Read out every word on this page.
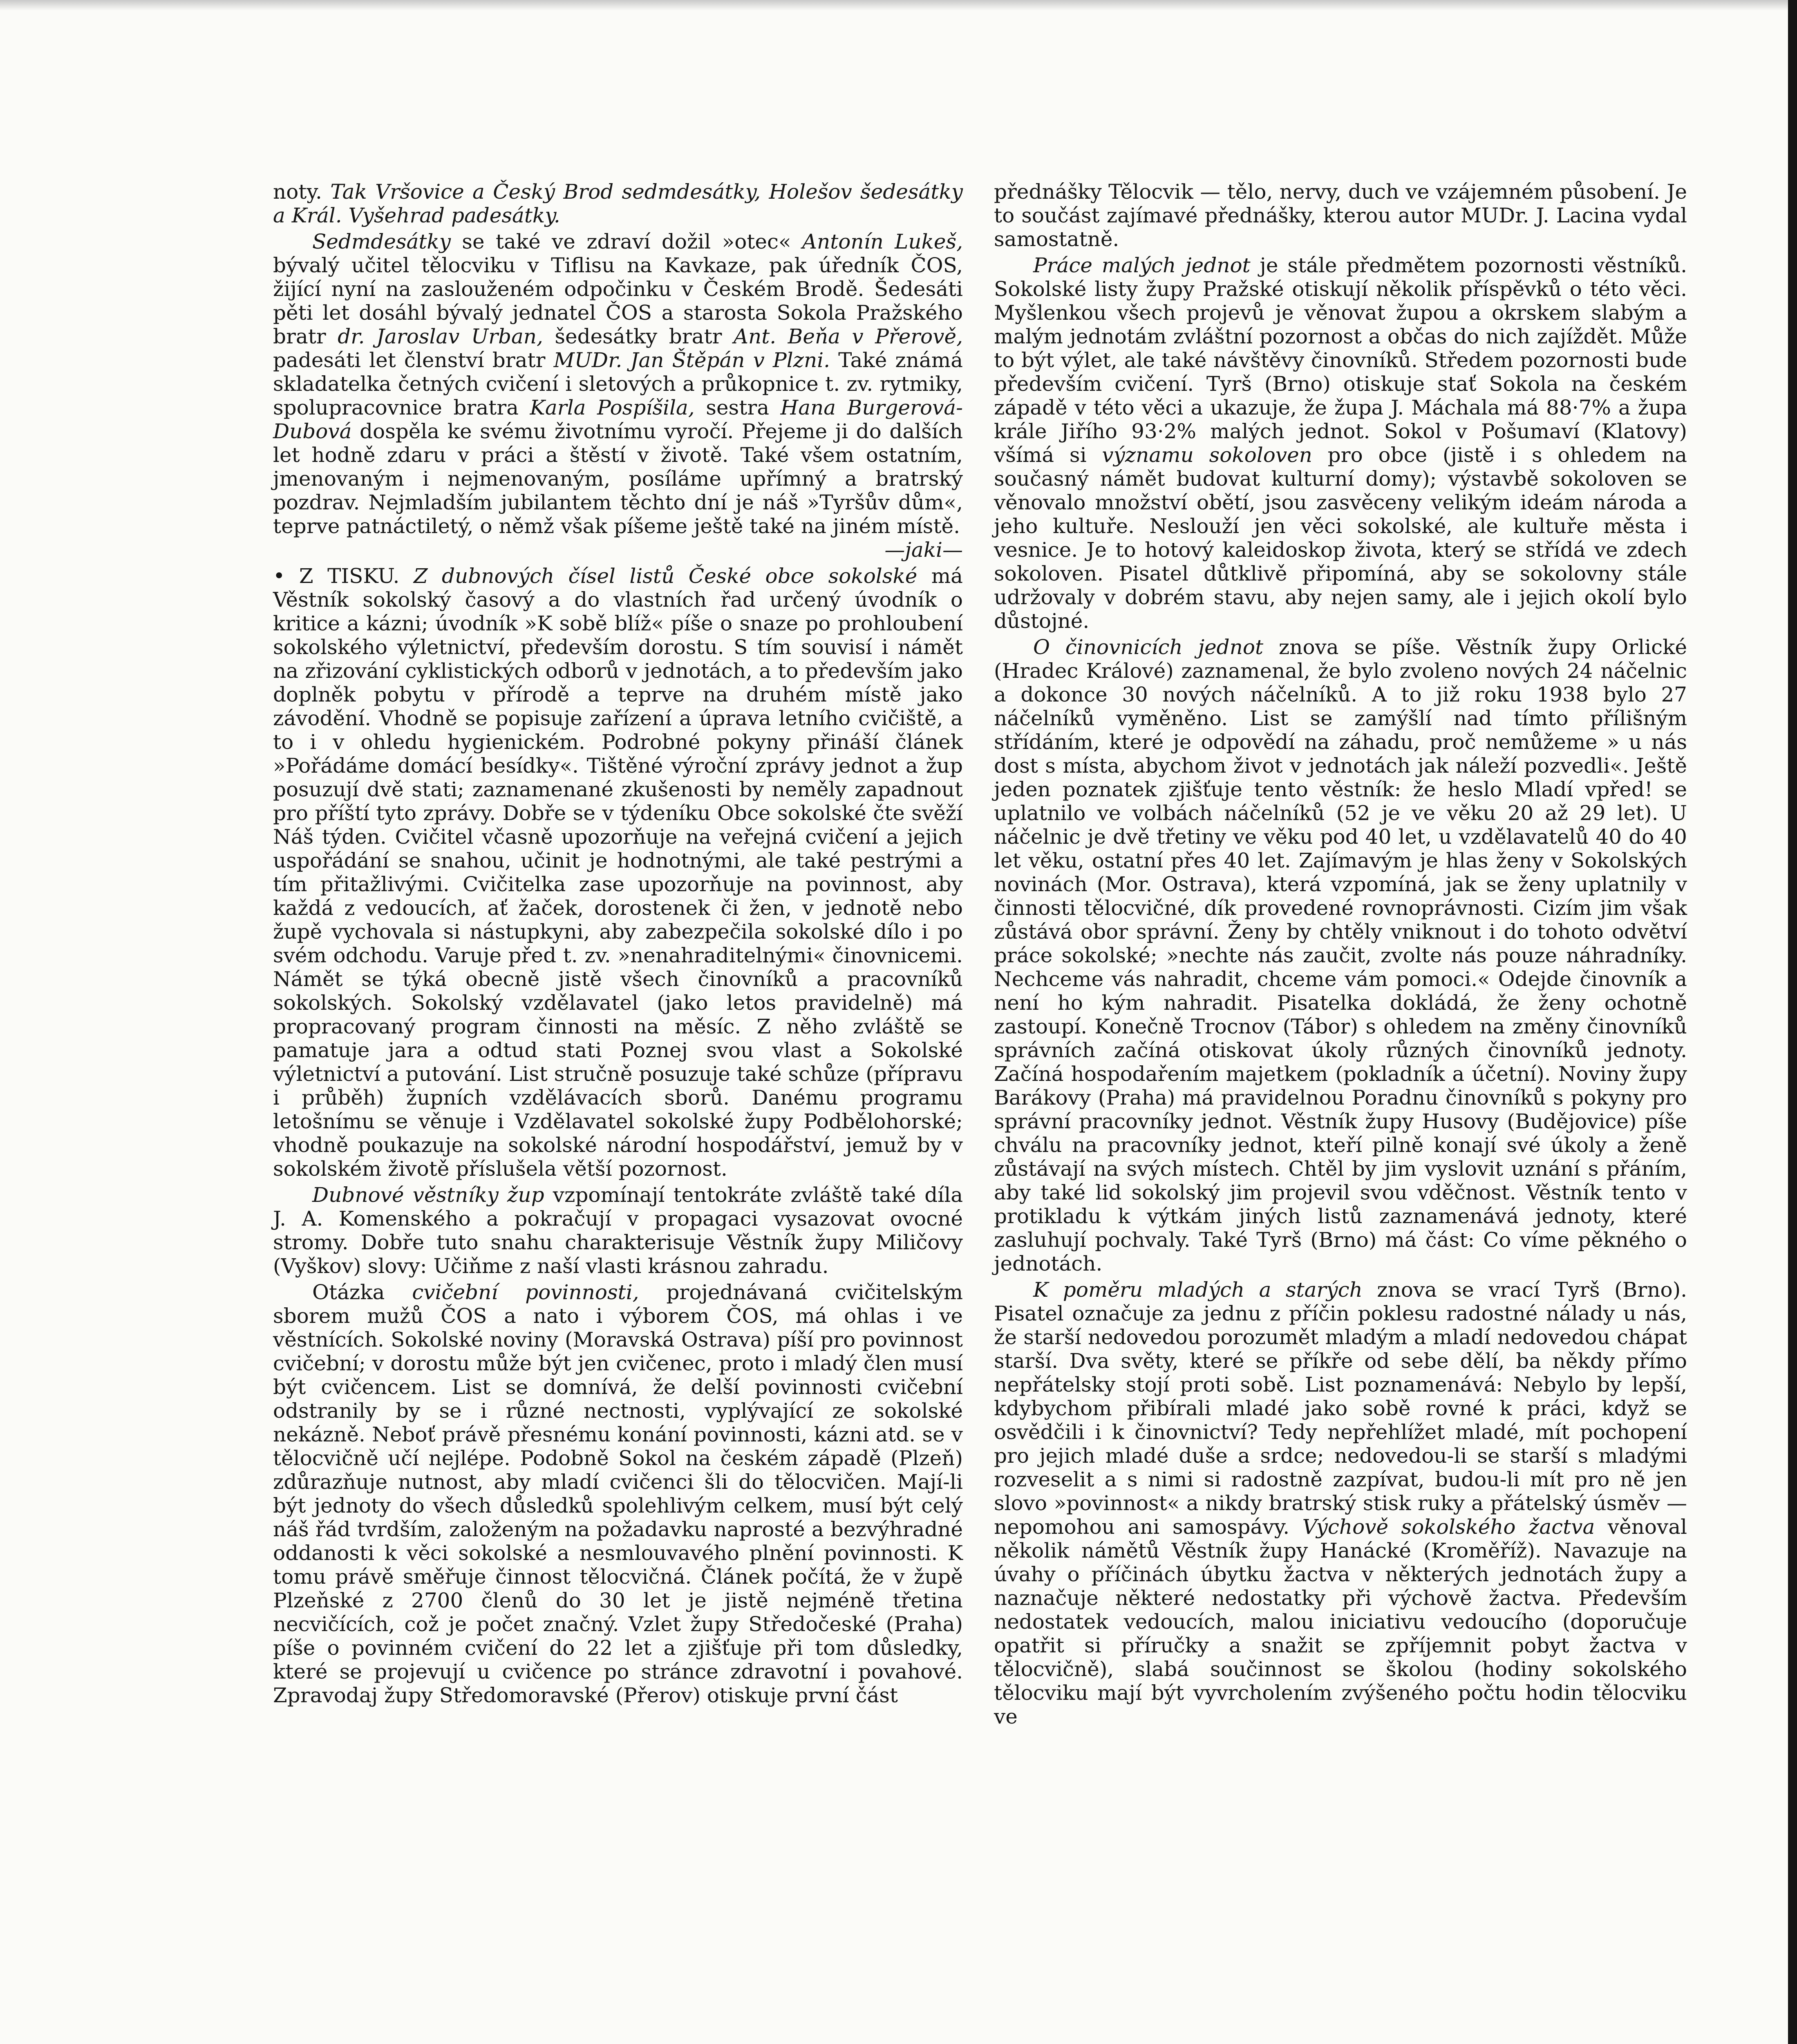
noty. Tak Vršovice a Český Brod sedmdesátky, Holešov šedesátky a Král. Vyšehrad padesátky.

Sedmdesátky se také ve zdraví dožil »otec« Antonín Lukeš, bývalý učitel tělocviku v Tiflisu na Kavkaze, pak úředník ČOS, žijící nyní na zaslouženém odpočinku v Českém Brodě. Šedesáti pěti let dosáhl bývalý jednatel ČOS a starosta Sokola Pražského bratr dr. Jaroslav Urban, šedesátky bratr Ant. Beňa v Přerově, padesáti let členství bratr MUDr. Jan Štěpán v Plzni. Také známá skladatelka četných cvičení i sletových a průkopnice t. zv. rytmiky, spolupracovnice bratra Karla Pospíšila, sestra Hana Burgerová-Dubová dospěla ke svému životnímu vyročí. Přejeme ji do dalších let hodně zdaru v práci a štěstí v životě. Také všem ostatním, jmenovaným i nejmenovaným, posíláme upřímný a bratrský pozdrav. Nejmladším jubilantem těchto dní je náš »Tyršův dům«, teprve patnáctiletý, o němž však píšeme ještě také na jiném místě.

—jaki—

• Z TISKU. Z dubnových čísel listů České obce sokolské má Věstník sokolský časový a do vlastních řad určený úvodník o kritice a kázni; úvodník »K sobě blíž« píše o snaze po prohloubení sokolského výletnictví, především dorostu. S tím souvisí i námět na zřizování cyklistických odborů v jednotách, a to především jako doplněk pobytu v přírodě a teprve na druhém místě jako závodění. Vhodně se popisuje zařízení a úprava letního cvičiště, a to i v ohledu hygienickém. Podrobné pokyny přináší článek »Pořádáme domácí besídky«. Tištěné výroční zprávy jednot a žup posuzují dvě stati; zaznamenané zkušenosti by neměly zapadnout pro příští tyto zprávy. Dobře se v týdeníku Obce sokolské čte svěží Náš týden. Cvičitel včasně upozorňuje na veřejná cvičení a jejich uspořádání se snahou, učinit je hodnotnými, ale také pestrými a tím přitažlivými. Cvičitelka zase upozorňuje na povinnost, aby každá z vedoucích, ať žaček, dorostenek či žen, v jednotě nebo župě vychovala si nástupkyni, aby zabezpečila sokolské dílo i po svém odchodu. Varuje před t. zv. »nenahraditelnými« činovnicemi. Námět se týká obecně jistě všech činovníků a pracovníků sokolských. Sokolský vzdělavatel (jako letos pravidelně) má propracovaný program činnosti na měsíc. Z něho zvláště se pamatuje jara a odtud stati Poznej svou vlast a Sokolské výletnictví a putování. List stručně posuzuje také schůze (přípravu i průběh) župních vzdělávacích sborů. Danému programu letošnímu se věnuje i Vzdělavatel sokolské župy Podbělohorské; vhodně poukazuje na sokolské národní hospodářství, jemuž by v sokolském životě příslušela větší pozornost.

Dubnové věstníky žup vzpomínají tentokráte zvláště také díla J. A. Komenského a pokračují v propagaci vysazovat ovocné stromy. Dobře tuto snahu charakterisuje Věstník župy Miličovy (Vyškov) slovy: Učiňme z naší vlasti krásnou zahradu.

Otázka cvičební povinnosti, projednávaná cvičitelským sborem mužů ČOS a nato i výborem ČOS, má ohlas i ve věstnících. Sokolské noviny (Moravská Ostrava) píší pro povinnost cvičební; v dorostu může být jen cvičenec, proto i mladý člen musí být cvičencem. List se domnívá, že delší povinnosti cvičební odstranily by se i různé nectnosti, vyplývající ze sokolské nekázně. Neboť právě přesnému konání povinnosti, kázni atd. se v tělocvičně učí nejlépe. Podobně Sokol na českém západě (Plzeň) zdůrazňuje nutnost, aby mladí cvičenci šli do tělocvičen. Mají-li být jednoty do všech důsledků spolehlivým celkem, musí být celý náš řád tvrdším, založeným na požadavku naprosté a bezvýhradné oddanosti k věci sokolské a nesmlouvavého plnění povinnosti. K tomu právě směřuje činnost tělocvičná. Článek počítá, že v župě Plzeňské z 2700 členů do 30 let je jistě nejméně třetina necvičících, což je počet značný. Vzlet župy Středočeské (Praha) píše o povinném cvičení do 22 let a zjišťuje při tom důsledky, které se projevují u cvičence po stránce zdravotní i povahové. Zpravodaj župy Středomoravské (Přerov) otiskuje první část

přednášky Tělocvik — tělo, nervy, duch ve vzájemném působení. Je to součást zajímavé přednášky, kterou autor MUDr. J. Lacina vydal samostatně.

Práce malých jednot je stále předmětem pozornosti věstníků. Sokolské listy župy Pražské otiskují několik příspěvků o této věci. Myšlenkou všech projevů je věnovat župou a okrskem slabým a malým jednotám zvláštní pozornost a občas do nich zajíždět. Může to být výlet, ale také návštěvy činovníků. Středem pozornosti bude především cvičení. Tyrš (Brno) otiskuje stať Sokola na českém západě v této věci a ukazuje, že župa J. Máchala má 88·7% a župa krále Jiřího 93·2% malých jednot. Sokol v Pošumaví (Klatovy) všímá si významu sokoloven pro obce (jistě i s ohledem na současný námět budovat kulturní domy); výstavbě sokoloven se věnovalo množství obětí, jsou zasvěceny velikým ideám národa a jeho kultuře. Neslouží jen věci sokolské, ale kultuře města i vesnice. Je to hotový kaleidoskop života, který se střídá ve zdech sokoloven. Pisatel důtklivě připomíná, aby se sokolovny stále udržovaly v dobrém stavu, aby nejen samy, ale i jejich okolí bylo důstojné.

O činovnicích jednot znova se píše. Věstník župy Orlické (Hradec Králové) zaznamenal, že bylo zvoleno nových 24 náčelnic a dokonce 30 nových náčelníků. A to již roku 1938 bylo 27 náčelníků vyměněno. List se zamýšlí nad tímto přílišným střídáním, které je odpovědí na záhadu, proč nemůžeme » u nás dost s místa, abychom život v jednotách jak náleží pozvedli«. Ještě jeden poznatek zjišťuje tento věstník: že heslo Mladí vpřed! se uplatnilo ve volbách náčelníků (52 je ve věku 20 až 29 let). U náčelnic je dvě třetiny ve věku pod 40 let, u vzdělavatelů 40 do 40 let věku, ostatní přes 40 let. Zajímavým je hlas ženy v Sokolských novinách (Mor. Ostrava), která vzpomíná, jak se ženy uplatnily v činnosti tělocvičné, dík provedené rovnoprávnosti. Cizím jim však zůstává obor správní. Ženy by chtěly vniknout i do tohoto odvětví práce sokolské; »nechte nás zaučit, zvolte nás pouze náhradníky. Nechceme vás nahradit, chceme vám pomoci.« Odejde činovník a není ho kým nahradit. Pisatelka dokládá, že ženy ochotně zastoupí. Konečně Trocnov (Tábor) s ohledem na změny činovníků správních začíná otiskovat úkoly různých činovníků jednoty. Začíná hospodařením majetkem (pokladník a účetní). Noviny župy Barákovy (Praha) má pravidelnou Poradnu činovníků s pokyny pro správní pracovníky jednot. Věstník župy Husovy (Budějovice) píše chválu na pracovníky jednot, kteří pilně konají své úkoly a ženě zůstávají na svých místech. Chtěl by jim vyslovit uznání s přáním, aby také lid sokolský jim projevil svou vděčnost. Věstník tento v protikladu k výtkám jiných listů zaznamenává jednoty, které zasluhují pochvaly. Také Tyrš (Brno) má část: Co víme pěkného o jednotách.

K poměru mladých a starých znova se vrací Tyrš (Brno). Pisatel označuje za jednu z příčin poklesu radostné nálady u nás, že starší nedovedou porozumět mladým a mladí nedovedou chápat starší. Dva světy, které se příkře od sebe dělí, ba někdy přímo nepřátelsky stojí proti sobě. List poznamenává: Nebylo by lepší, kdybychom přibírali mladé jako sobě rovné k práci, když se osvědčili i k činovnictví? Tedy nepřehlížet mladé, mít pochopení pro jejich mladé duše a srdce; nedovedou-li se starší s mladými rozveselit a s nimi si radostně zazpívat, budou-li mít pro ně jen slovo »povinnost« a nikdy bratrský stisk ruky a přátelský úsměv — nepomohou ani samospávy. Výchově sokolského žactva věnoval několik námětů Věstník župy Hanácké (Kroměříž). Navazuje na úvahy o příčinách úbytku žactva v některých jednotách župy a naznačuje některé nedostatky při výchově žactva. Především nedostatek vedoucích, malou iniciativu vedoucího (doporučuje opatřit si příručky a snažit se zpříjemnit pobyt žactva v tělocvičně), slabá součinnost se školou (hodiny sokolského tělocviku mají být vyvrcholením zvýšeného počtu hodin tělocviku ve
